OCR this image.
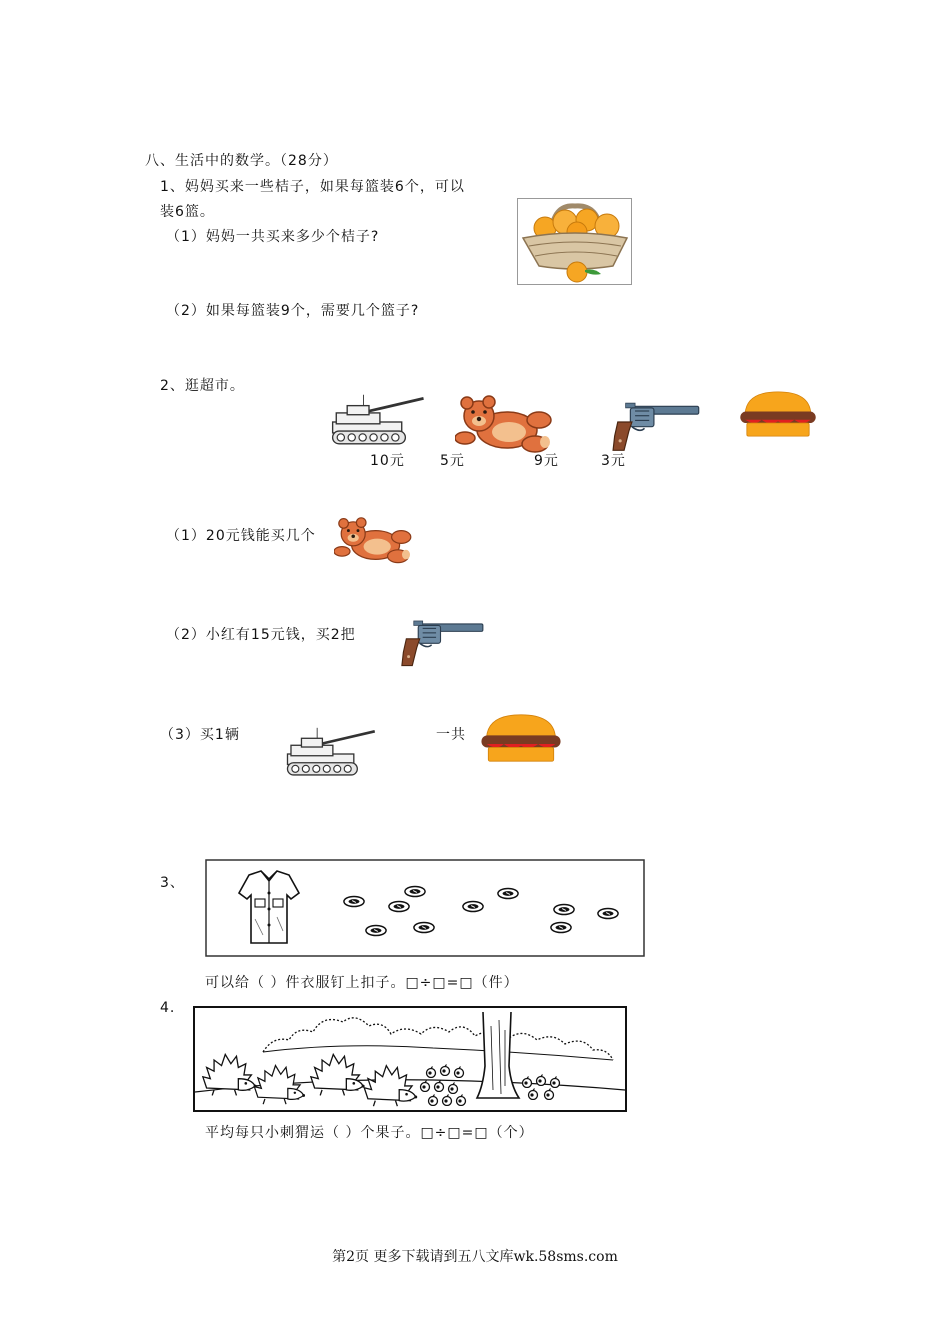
八、生活中的数学。（28分）
1、妈妈买来一些桔子，如果每篮装6个，可以
装6篮。
（1）妈妈一共买来多少个桔子?
（2）如果每篮装9个，需要几个篮子?
2、逛超市。
10元	5元	9元	3元
（1）20元钱能买几个
（2）小红有15元钱，买2把
（3）买1辆	一共
3、
可以给（ ）件衣服钉上扣子。□÷□=□（件）
4.
平均每只小刺猬运（ ）个果子。□÷□=□（个）
第2页 更多下载请到五八文库wk.58sms.com
